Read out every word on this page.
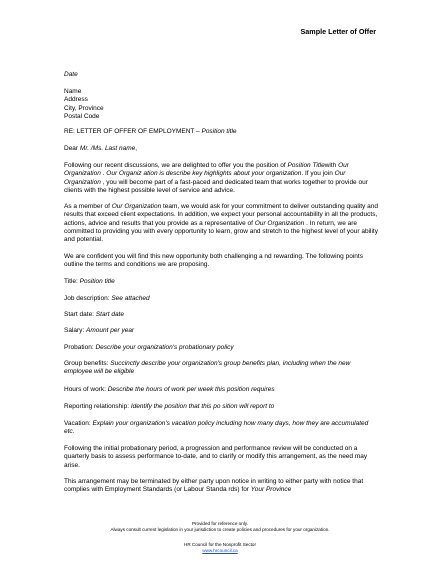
Sample Letter of Offer
Date
Name
Address
City, Province
Postal Code
RE: LETTER OF OFFER OF EMPLOYMENT – Position title
Dear Mr. /Ms. Last name,
Following our recent discussions, we are delighted to offer you the position of Position Titlewith Our Organization . Our Organiz ation is describe key highlights about your organization. If you join Our Organization , you will become part of a fast-paced and dedicated team that works together to provide our clients with the highest possible level of service and advice.
As a member of Our Organization team, we would ask for your commitment to deliver outstanding quality and results that exceed client expectations. In addition, we expect your personal accountability in all the products, actions, advice and results that you provide as a representative of Our Organization . In return, we are committed to providing you with every opportunity to learn, grow and stretch to the highest level of your ability and potential.
We are confident you will find this new opportunity both challenging a nd rewarding. The following points outline the terms and conditions we are proposing.
Title: Position title
Job description: See attached
Start date: Start date
Salary: Amount per year
Probation: Describe your organization's probationary policy
Group benefits: Succinctly describe your organization's group benefits plan, including when the new employee will be eligible
Hours of work: Describe the hours of work per week this position requires
Reporting relationship: Identify the position that this po sition will report to
Vacation: Explain your organization's vacation policy including how many days, how they are accumulated etc.
Following the initial probationary period, a progression and performance review will be conducted on a quarterly basis to assess performance to-date, and to clarify or modify this arrangement, as the need may arise.
This arrangement may be terminated by either party upon notice in writing to either party with notice that complies with Employment Standards (or Labour Standa rds) for Your Province
Provided for reference only.
Always consult current legislation in your jurisdiction to create policies and procedures for your organization.
HR Council for the Nonprofit Sector
www.hrcouncil.ca
